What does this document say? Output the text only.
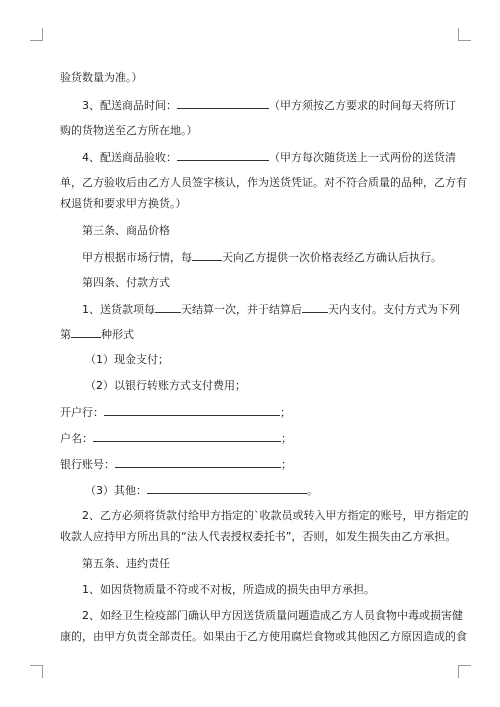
验货数量为准。）
3、配送商品时间：	（甲方须按乙方要求的时间每天将所订
购的货物送至乙方所在地。）
4、配送商品验收：	（甲方每次随货送上一式两份的送货清
单，乙方验收后由乙方人员签字核认，作为送货凭证。对不符合质量的品种，乙方有
权退货和要求甲方换货。）
第三条、商品价格
甲方根据市场行情，每	天向乙方提供一次价格表经乙方确认后执行。
第四条、付款方式
1、送货款项每 天结算一次，并于结算后 天内支付。支付方式为下列
第	种形式
（1）现金支付；
（2）以银行转账方式支付费用；
开户行：	；
户名：	；
银行账号：	；
（3）其他：	。
2、乙方必须将货款付给甲方指定的`收款员或转入甲方指定的账号，甲方指定的
收款人应持甲方所出具的“法人代表授权委托书”，否则，如发生损失由乙方承担。
第五条、违约责任
1、如因货物质量不符或不对板，所造成的损失由甲方承担。
2、如经卫生检疫部门确认甲方因送货质量问题造成乙方人员食物中毒或损害健
康的，由甲方负责全部责任。如果由于乙方使用腐烂食物或其他因乙方原因造成的食
